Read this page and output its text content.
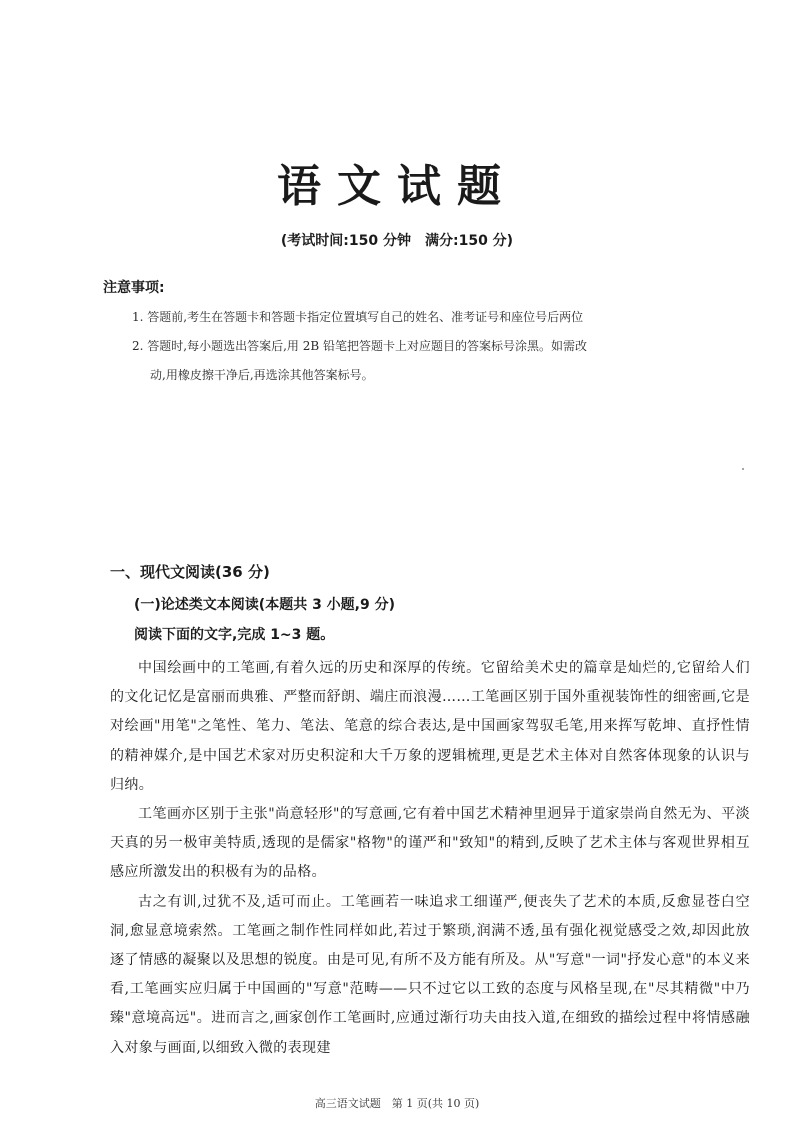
语文试题
(考试时间:150 分钟　满分:150 分)
注意事项:
1. 答题前,考生在答题卡和答题卡指定位置填写自己的姓名、准考证号和座位号后两位
2. 答题时,每小题选出答案后,用 2B 铅笔把答题卡上对应题目的答案标号涂黑。如需改
动,用橡皮擦干净后,再选涂其他答案标号。
一、现代文阅读(36 分)
(一)论述类文本阅读(本题共 3 小题,9 分)
阅读下面的文字,完成 1~3 题。

中国绘画中的工笔画,有着久远的历史和深厚的传统。它留给美术史的篇章是灿烂的,它留给人们的文化记忆是富丽而典雅、严整而舒朗、端庄而浪漫……工笔画区别于国外重视装饰性的细密画,它是对绘画"用笔"之笔性、笔力、笔法、笔意的综合表达,是中国画家驾驭毛笔,用来挥写乾坤、直抒性情的精神媒介,是中国艺术家对历史积淀和大千万象的逻辑梳理,更是艺术主体对自然客体现象的认识与归纳。

工笔画亦区别于主张"尚意轻形"的写意画,它有着中国艺术精神里迥异于道家崇尚自然无为、平淡天真的另一极审美特质,透现的是儒家"格物"的谨严和"致知"的精到,反映了艺术主体与客观世界相互感应所激发出的积极有为的品格。

古之有训,过犹不及,适可而止。工笔画若一味追求工细谨严,便丧失了艺术的本质,反愈显苍白空洞,愈显意境索然。工笔画之制作性同样如此,若过于繁琐,润满不透,虽有强化视觉感受之效,却因此放逐了情感的凝聚以及思想的锐度。由是可见,有所不及方能有所及。从"写意"一词"抒发心意"的本义来看,工笔画实应归属于中国画的"写意"范畴——只不过它以工致的态度与风格呈现,在"尽其精微"中乃臻"意境高远"。进而言之,画家创作工笔画时,应通过渐行功夫由技入道,在细致的描绘过程中将情感融入对象与画面,以细致入微的表现建

高三语文试题　第 1 页(共 10 页)
